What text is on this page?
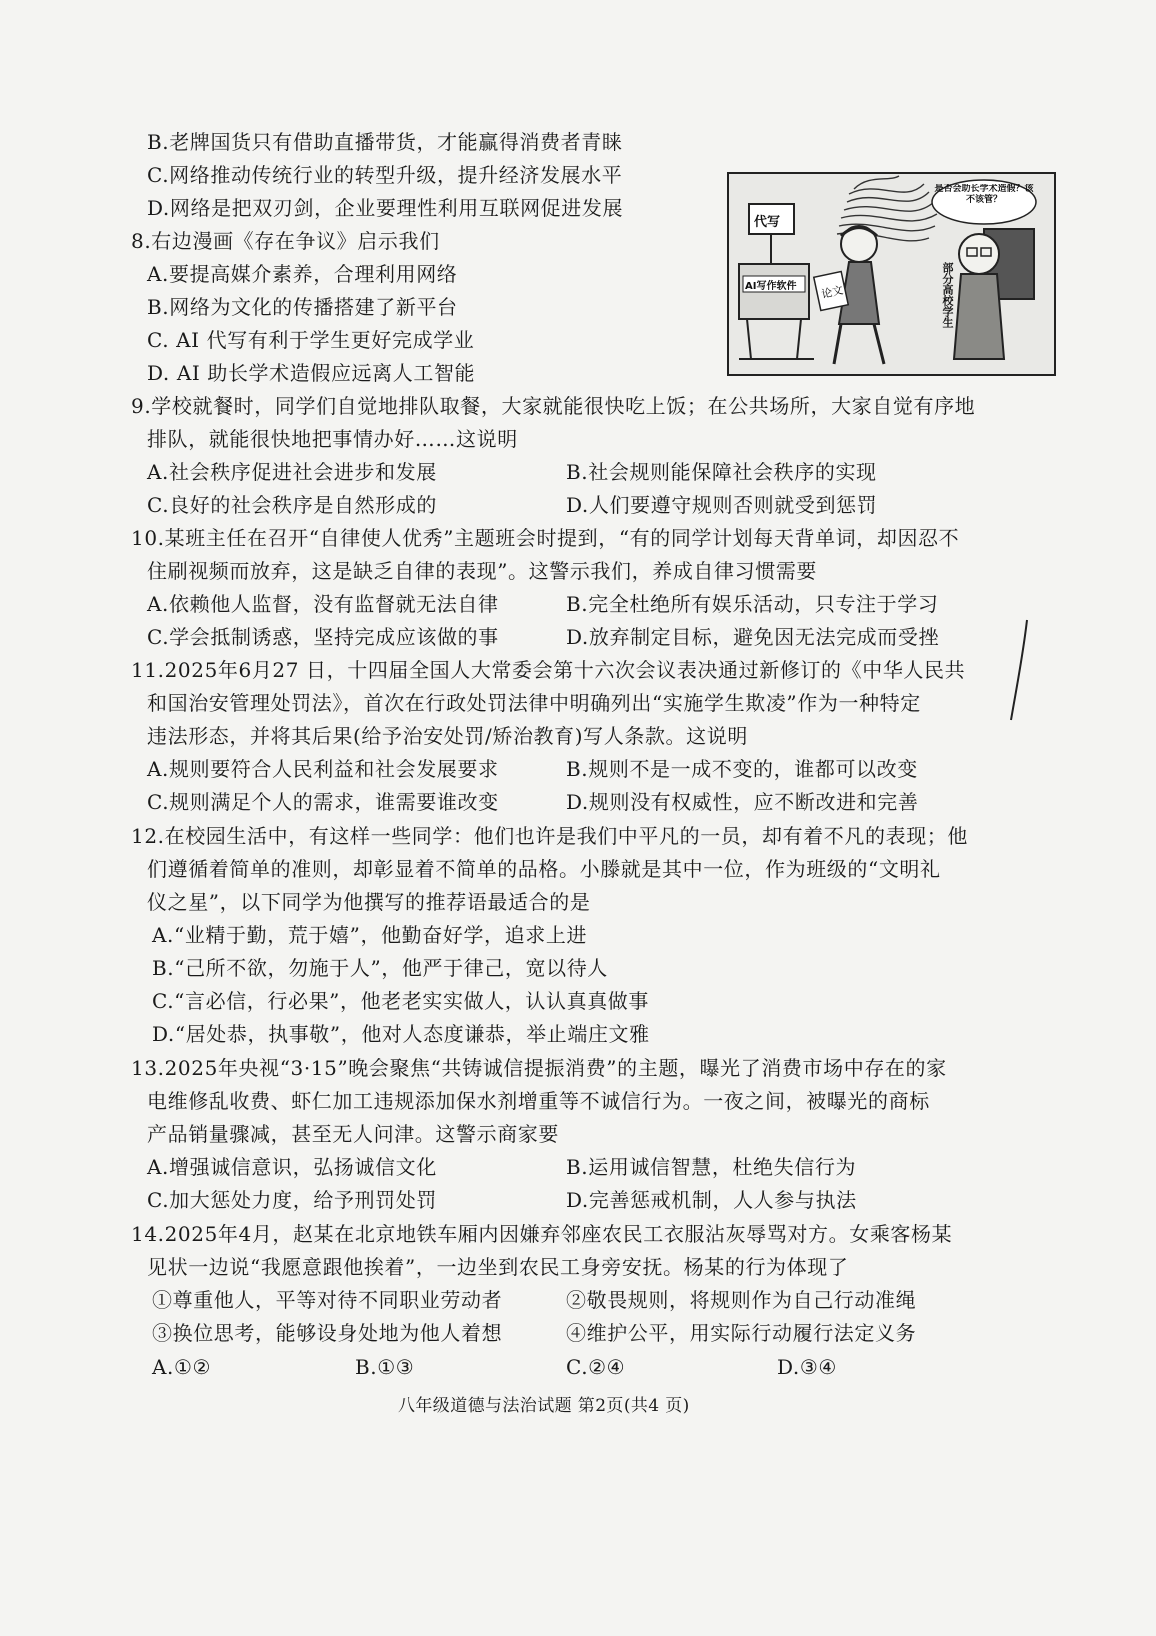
B.老牌国货只有借助直播带货，才能赢得消费者青睐
C.网络推动传统行业的转型升级，提升经济发展水平
D.网络是把双刃剑，企业要理性利用互联网促进发展
8.右边漫画《存在争议》启示我们
A.要提高媒介素养，合理利用网络
B.网络为文化的传播搭建了新平台
C. AI 代写有利于学生更好完成学业
D. AI 助长学术造假应远离人工智能
代写
AI写作软件 论文
是否会助长学术造假？该不该管？
部分高校学生
9.学校就餐时，同学们自觉地排队取餐，大家就能很快吃上饭；在公共场所，大家自觉有序地
排队，就能很快地把事情办好……这说明
A.社会秩序促进社会进步和发展	B.社会规则能保障社会秩序的实现
C.良好的社会秩序是自然形成的	D.人们要遵守规则否则就受到惩罚
10.某班主任在召开“自律使人优秀”主题班会时提到，“有的同学计划每天背单词，却因忍不
住刷视频而放弃，这是缺乏自律的表现”。这警示我们，养成自律习惯需要
A.依赖他人监督，没有监督就无法自律	B.完全杜绝所有娱乐活动，只专注于学习
C.学会抵制诱惑，坚持完成应该做的事	D.放弃制定目标，避免因无法完成而受挫
11.2025年6月27 日，十四届全国人大常委会第十六次会议表决通过新修订的《中华人民共
和国治安管理处罚法》，首次在行政处罚法律中明确列出“实施学生欺凌”作为一种特定
违法形态，并将其后果(给予治安处罚/矫治教育)写人条款。这说明
A.规则要符合人民利益和社会发展要求	B.规则不是一成不变的，谁都可以改变
C.规则满足个人的需求，谁需要谁改变	D.规则没有权威性，应不断改进和完善
12.在校园生活中，有这样一些同学：他们也许是我们中平凡的一员，却有着不凡的表现；他
们遵循着简单的准则，却彰显着不简单的品格。小滕就是其中一位，作为班级的“文明礼
仪之星”，以下同学为他撰写的推荐语最适合的是
A.“业精于勤，荒于嬉”，他勤奋好学，追求上进
B.“己所不欲，勿施于人”，他严于律己，宽以待人
C.“言必信，行必果”，他老老实实做人，认认真真做事
D.“居处恭，执事敬”，他对人态度谦恭，举止端庄文雅
13.2025年央视“3·15”晚会聚焦“共铸诚信提振消费”的主题，曝光了消费市场中存在的家
电维修乱收费、虾仁加工违规添加保水剂增重等不诚信行为。一夜之间，被曝光的商标
产品销量骤减，甚至无人问津。这警示商家要
A.增强诚信意识，弘扬诚信文化	B.运用诚信智慧，杜绝失信行为
C.加大惩处力度，给予刑罚处罚	D.完善惩戒机制，人人参与执法
14.2025年4月，赵某在北京地铁车厢内因嫌弃邻座农民工衣服沾灰辱骂对方。女乘客杨某
见状一边说“我愿意跟他挨着”，一边坐到农民工身旁安抚。杨某的行为体现了
①尊重他人，平等对待不同职业劳动者	②敬畏规则，将规则作为自己行动准绳
③换位思考，能够设身处地为他人着想	④维护公平，用实际行动履行法定义务
A.①②	B.①③	C.②④	D.③④
八年级道德与法治试题 第2页(共4 页)
